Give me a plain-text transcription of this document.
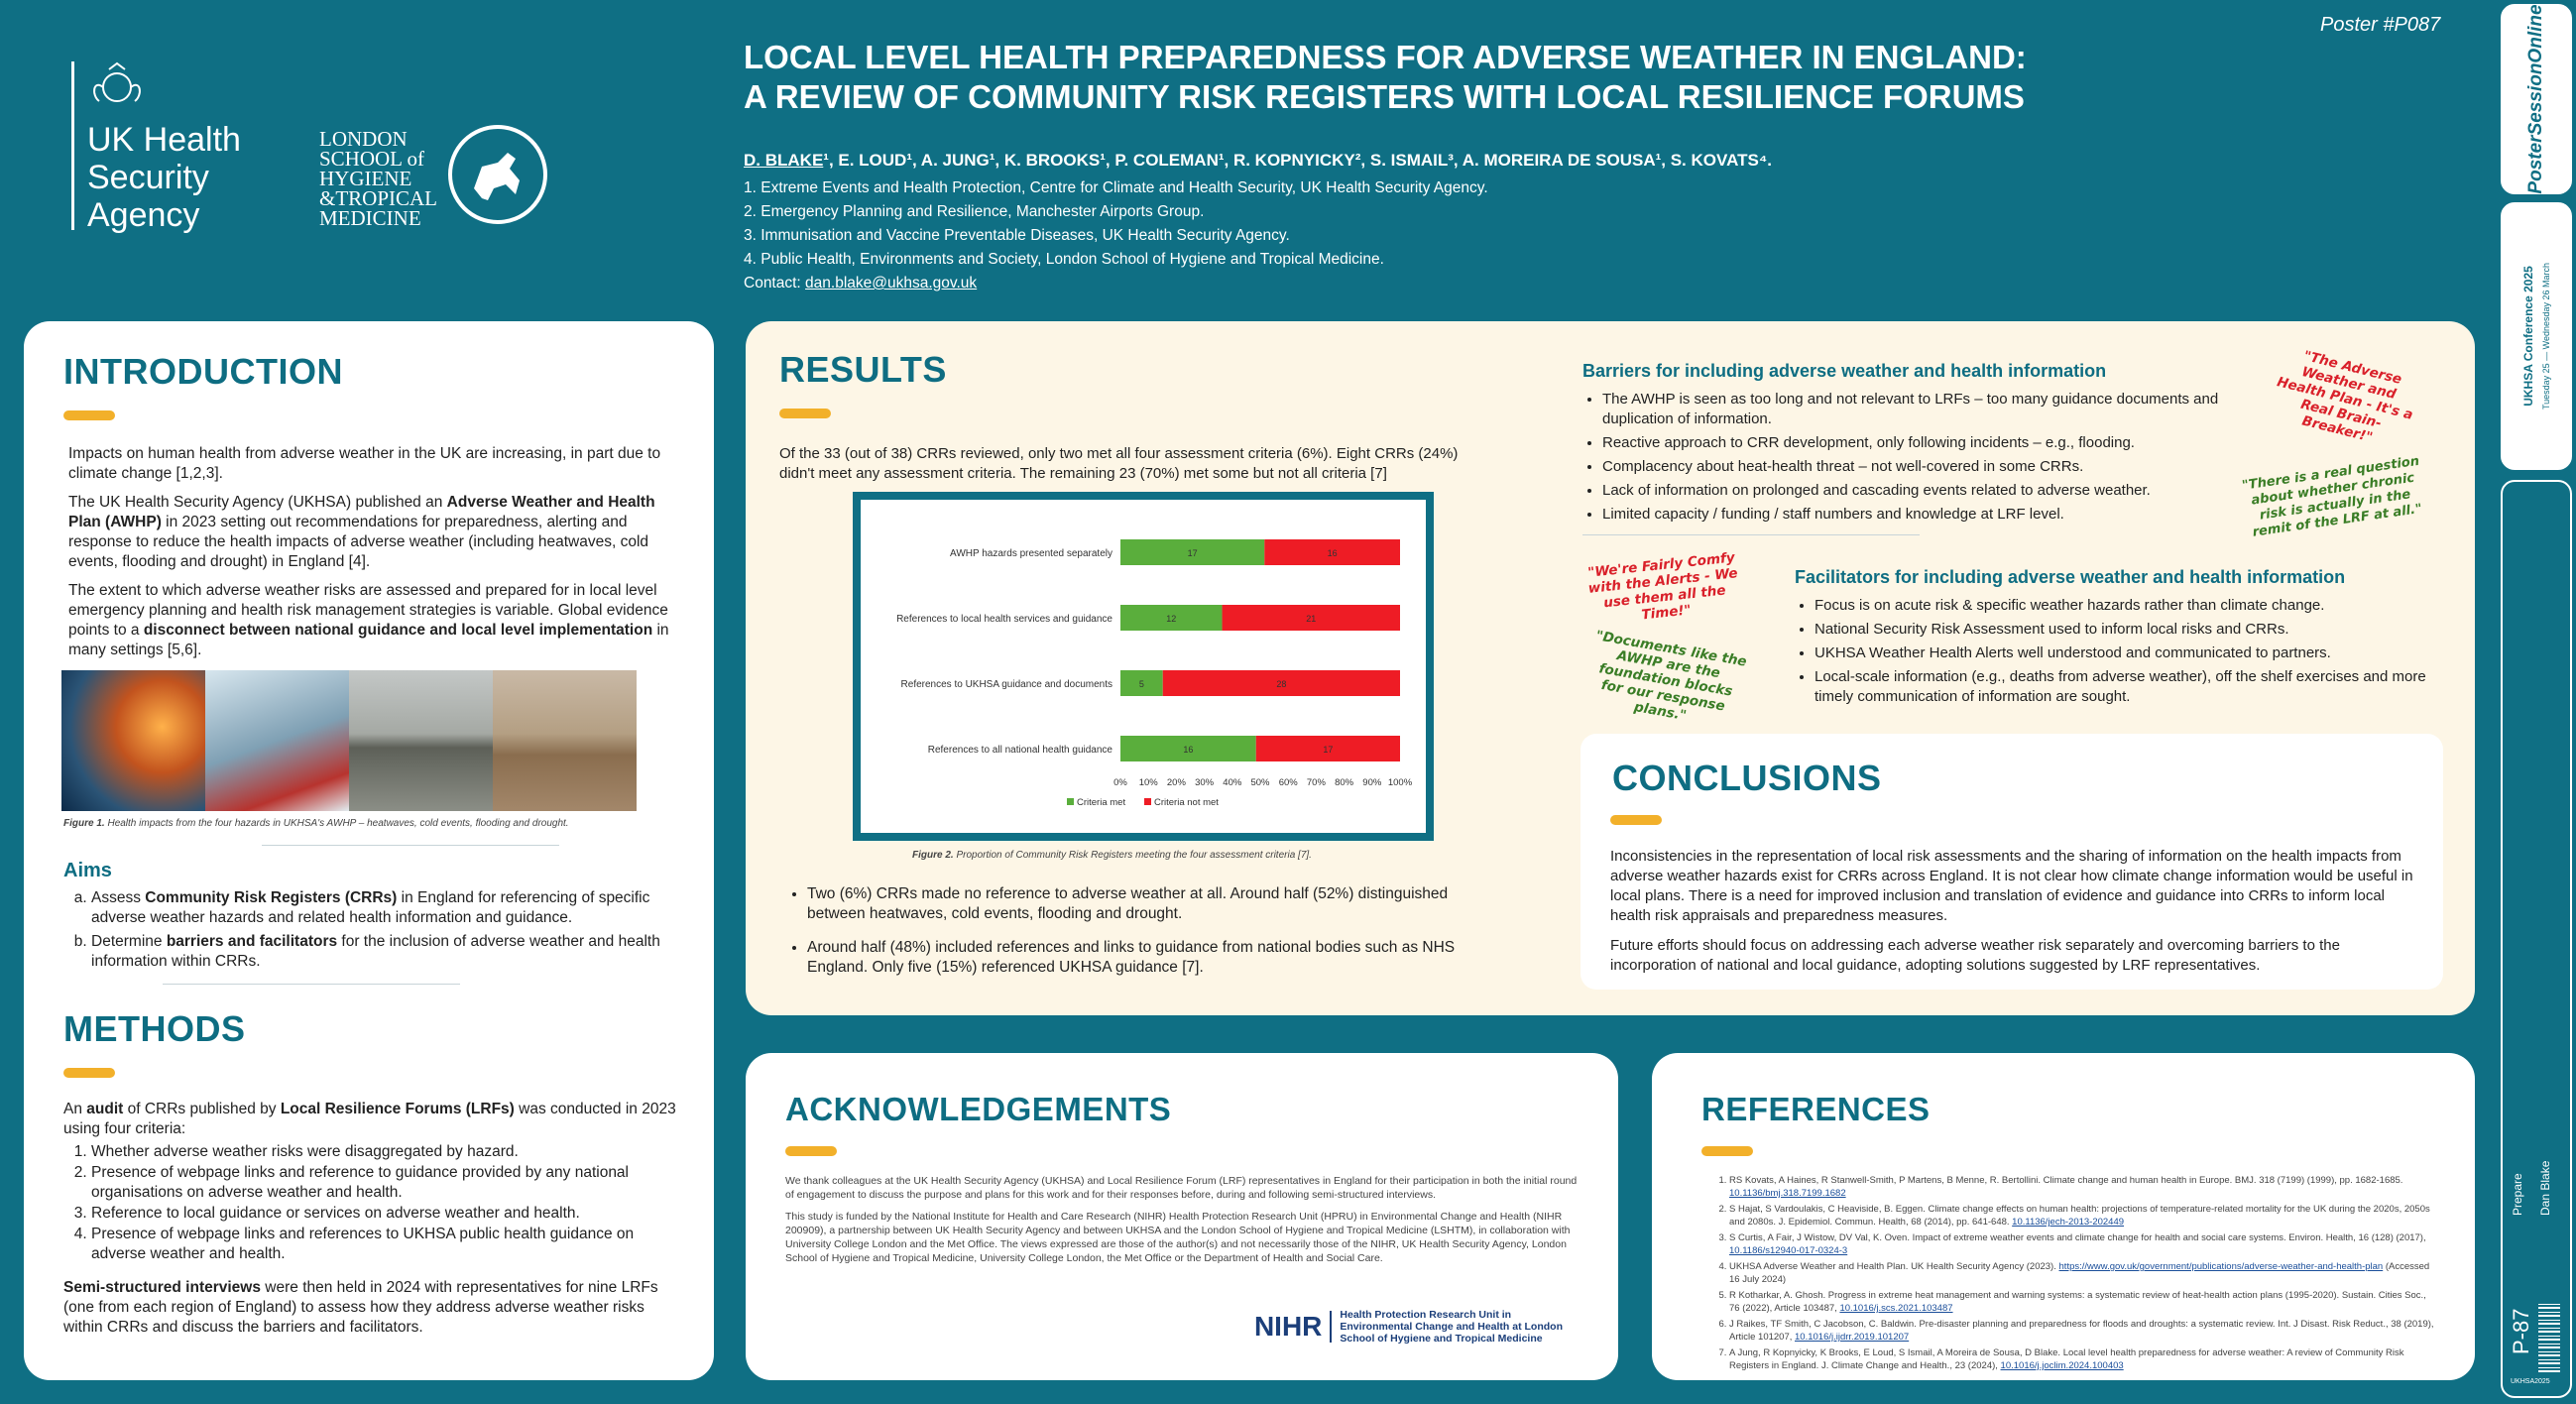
UK Health
Security
Agency
LONDON
SCHOOL of
HYGIENE
&TROPICAL
MEDICINE
Poster #P087
LOCAL LEVEL HEALTH PREPAREDNESS FOR ADVERSE WEATHER IN ENGLAND:
A REVIEW OF COMMUNITY RISK REGISTERS WITH LOCAL RESILIENCE FORUMS
D. BLAKE¹, E. LOUD¹, A. JUNG¹, K. BROOKS¹, P. COLEMAN¹, R. KOPNYICKY², S. ISMAIL³, A. MOREIRA DE SOUSA¹, S. KOVATS⁴.
1. Extreme Events and Health Protection, Centre for Climate and Health Security, UK Health Security Agency.
2. Emergency Planning and Resilience, Manchester Airports Group.
3. Immunisation and Vaccine Preventable Diseases, UK Health Security Agency.
4. Public Health, Environments and Society, London School of Hygiene and Tropical Medicine.
Contact: dan.blake@ukhsa.gov.uk
INTRODUCTION

Impacts on human health from adverse weather in the UK are increasing, in part due to climate change [1,2,3].

The UK Health Security Agency (UKHSA) published an Adverse Weather and Health Plan (AWHP) in 2023 setting out recommendations for preparedness, alerting and response to reduce the health impacts of adverse weather (including heatwaves, cold events, flooding and drought) in England [4].

The extent to which adverse weather risks are assessed and prepared for in local level emergency planning and health risk management strategies is variable. Global evidence points to a disconnect between national guidance and local level implementation in many settings [5,6].

Figure 1. Health impacts from the four hazards in UKHSA's AWHP – heatwaves, cold events, flooding and drought.
Aims
a. Assess Community Risk Registers (CRRs) in England for referencing of specific adverse weather hazards and related health information and guidance.
b. Determine barriers and facilitators for the inclusion of adverse weather and health information within CRRs.
METHODS

An audit of CRRs published by Local Resilience Forums (LRFs) was conducted in 2023 using four criteria:

1. Whether adverse weather risks were disaggregated by hazard.
2. Presence of webpage links and reference to guidance provided by any national organisations on adverse weather and health.
3. Reference to local guidance or services on adverse weather and health.
4. Presence of webpage links and references to UKHSA public health guidance on adverse weather and health.

Semi-structured interviews were then held in 2024 with representatives for nine LRFs (one from each region of England) to assess how they address adverse weather risks within CRRs and discuss the barriers and facilitators.

RESULTS

Of the 33 (out of 38) CRRs reviewed, only two met all four assessment criteria (6%). Eight CRRs (24%) didn't meet any assessment criteria. The remaining 23 (70%) met some but not all criteria [7]

AWHP hazards presented separately	17	16
References to local health services and guidance	12	21
References to UKHSA guidance and documents	5	28
References to all national health guidance	16	17
0% 10% 20% 30% 40% 50% 60% 70% 80% 90% 100%
Criteria met	Criteria not met
Figure 2. Proportion of Community Risk Registers meeting the four assessment criteria [7].
• Two (6%) CRRs made no reference to adverse weather at all. Around half (52%) distinguished between heatwaves, cold events, flooding and drought.
• Around half (48%) included references and links to guidance from national bodies such as NHS England. Only five (15%) referenced UKHSA guidance [7].
Barriers for including adverse weather and health information
• The AWHP is seen as too long and not relevant to LRFs – too many guidance documents and duplication of information.
• Reactive approach to CRR development, only following incidents – e.g., flooding.
• Complacency about heat-health threat – not well-covered in some CRRs.
• Lack of information on prolonged and cascading events related to adverse weather.
• Limited capacity / funding / staff numbers and knowledge at LRF level.
"The Adverse Weather and Health Plan - It's a Real Brain-Breaker!"
"There is a real question about whether chronic risk is actually in the remit of the LRF at all."
"We're Fairly Comfy with the Alerts - We use them all the Time!"
"Documents like the AWHP are the foundation blocks for our response plans."
Facilitators for including adverse weather and health information
• Focus is on acute risk & specific weather hazards rather than climate change.
• National Security Risk Assessment used to inform local risks and CRRs.
• UKHSA Weather Health Alerts well understood and communicated to partners.
• Local-scale information (e.g., deaths from adverse weather), off the shelf exercises and more timely communication of information are sought.
CONCLUSIONS

Inconsistencies in the representation of local risk assessments and the sharing of information on the health impacts from adverse weather hazards exist for CRRs across England. It is not clear how climate change information would be useful in local plans. There is a need for improved inclusion and translation of evidence and guidance into CRRs to inform local health risk appraisals and preparedness measures.

Future efforts should focus on addressing each adverse weather risk separately and overcoming barriers to the incorporation of national and local guidance, adopting solutions suggested by LRF representatives.

ACKNOWLEDGEMENTS

We thank colleagues at the UK Health Security Agency (UKHSA) and Local Resilience Forum (LRF) representatives in England for their participation in both the initial round of engagement to discuss the purpose and plans for this work and for their responses before, during and following semi-structured interviews.

This study is funded by the National Institute for Health and Care Research (NIHR) Health Protection Research Unit (HPRU) in Environmental Change and Health (NIHR 200909), a partnership between UK Health Security Agency and between UKHSA and the London School of Hygiene and Tropical Medicine (LSHTM), in collaboration with University College London and the Met Office. The views expressed are those of the author(s) and not necessarily those of the NIHR, UK Health Security Agency, London School of Hygiene and Tropical Medicine, University College London, the Met Office or the Department of Health and Social Care.

NIHR	Health Protection Research Unit in
Environmental Change and Health at London
School of Hygiene and Tropical Medicine
REFERENCES
1. RS Kovats, A Haines, R Stanwell-Smith, P Martens, B Menne, R. Bertollini. Climate change and human health in Europe. BMJ. 318 (7199) (1999), pp. 1682-1685. 10.1136/bmj.318.7199.1682
2. S Hajat, S Vardoulakis, C Heaviside, B. Eggen. Climate change effects on human health: projections of temperature-related mortality for the UK during the 2020s, 2050s and 2080s. J. Epidemiol. Commun. Health, 68 (2014), pp. 641-648. 10.1136/jech-2013-202449
3. S Curtis, A Fair, J Wistow, DV Val, K. Oven. Impact of extreme weather events and climate change for health and social care systems. Environ. Health, 16 (128) (2017), 10.1186/s12940-017-0324-3
4. UKHSA Adverse Weather and Health Plan. UK Health Security Agency (2023). https://www.gov.uk/government/publications/adverse-weather-and-health-plan (Accessed 16 July 2024)
5. R Kotharkar, A. Ghosh. Progress in extreme heat management and warning systems: a systematic review of heat-health action plans (1995-2020). Sustain. Cities Soc., 76 (2022), Article 103487, 10.1016/j.scs.2021.103487
6. J Raikes, TF Smith, C Jacobson, C. Baldwin. Pre-disaster planning and preparedness for floods and droughts: a systematic review. Int. J Disast. Risk Reduct., 38 (2019), Article 101207, 10.1016/j.ijdrr.2019.101207
7. A Jung, R Kopnyicky, K Brooks, E Loud, S Ismail, A Moreira de Sousa, D Blake. Local level health preparedness for adverse weather: A review of Community Risk Registers in England. J. Climate Change and Health., 23 (2024), 10.1016/j.joclim.2024.100403
PosterSessionOnline
UKHSA Conference 2025 Tuesday 25 — Wednesday 26 March
Prepare Dan Blake
P-87
UKHSA2025
